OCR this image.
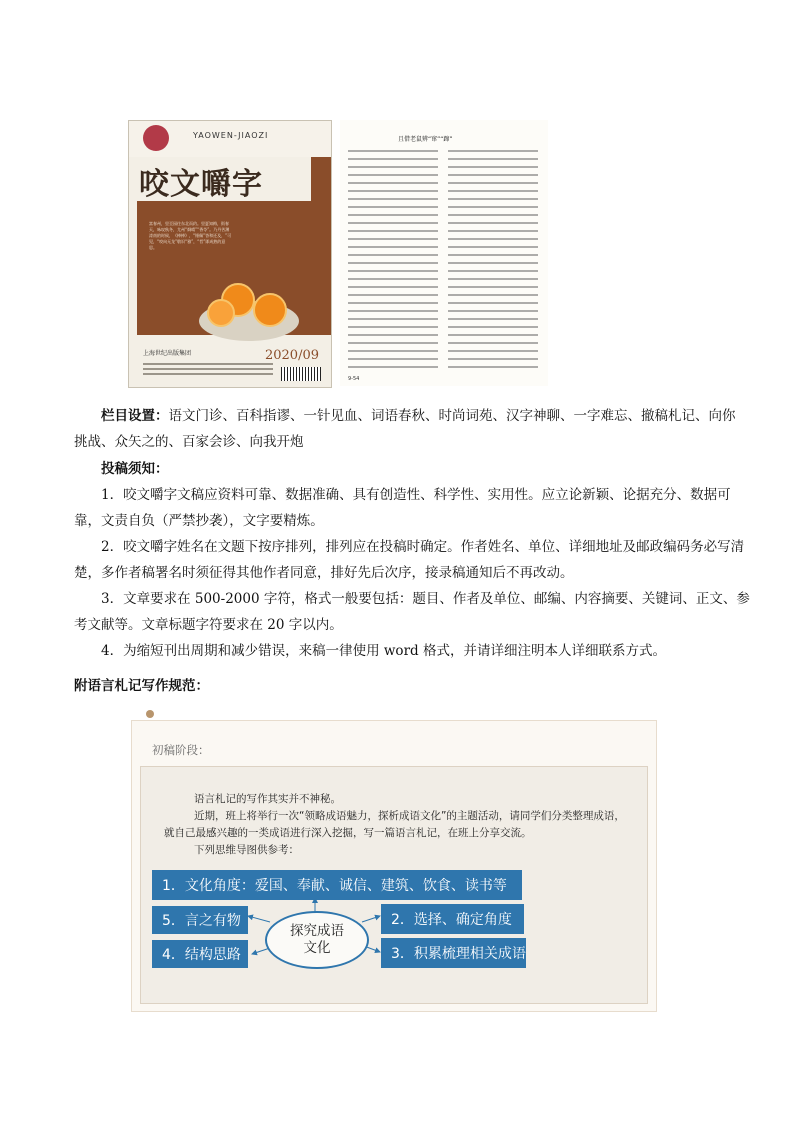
YAOWEN-JIAOZI
咬文嚼字
富春州，里至园往东北而约。里夏知梅，街春天，咏叹秋冬，尤州“炯晴”“香苓”。乃丹苦渊漆南的时候，《棒棒》，“锤佩”答和还及，”可见，“咬向无龙”敬识“雅”，“哲”即成熟的意思。
2020/09
上海世纪出版集团
且借老鼠辨“窜”“蹿”
9-54
栏目设置：语文门诊、百科指谬、一针见血、词语春秋、时尚词苑、汉字神聊、一字难忘、撤稿札记、向你
挑战、众矢之的、百家会诊、向我开炮
投稿须知：
1．咬文嚼字文稿应资料可靠、数据准确、具有创造性、科学性、实用性。应立论新颖、论据充分、数据可
靠，文责自负（严禁抄袭），文字要精炼。
2．咬文嚼字姓名在文题下按序排列，排列应在投稿时确定。作者姓名、单位、详细地址及邮政编码务必写清
楚，多作者稿署名时须征得其他作者同意，排好先后次序，接录稿通知后不再改动。
3．文章要求在 500-2000 字符，格式一般要包括：题目、作者及单位、邮编、内容摘要、关键词、正文、参
考文献等。文章标题字符要求在 20 字以内。
4．为缩短刊出周期和减少错误，来稿一律使用 word 格式，并请详细注明本人详细联系方式。
附语言札记写作规范：
初稿阶段：
语言札记的写作其实并不神秘。
近期，班上将举行一次“领略成语魅力，探析成语文化”的主题活动，请同学们分类整理成语，
就自己最感兴趣的一类成语进行深入挖掘，写一篇语言札记，在班上分享交流。
下列思维导图供参考：
1．文化角度：爱国、奉献、诚信、建筑、饮食、读书等
5．言之有物
4．结构思路
2．选择、确定角度
3．积累梳理相关成语
探究成语
文化
